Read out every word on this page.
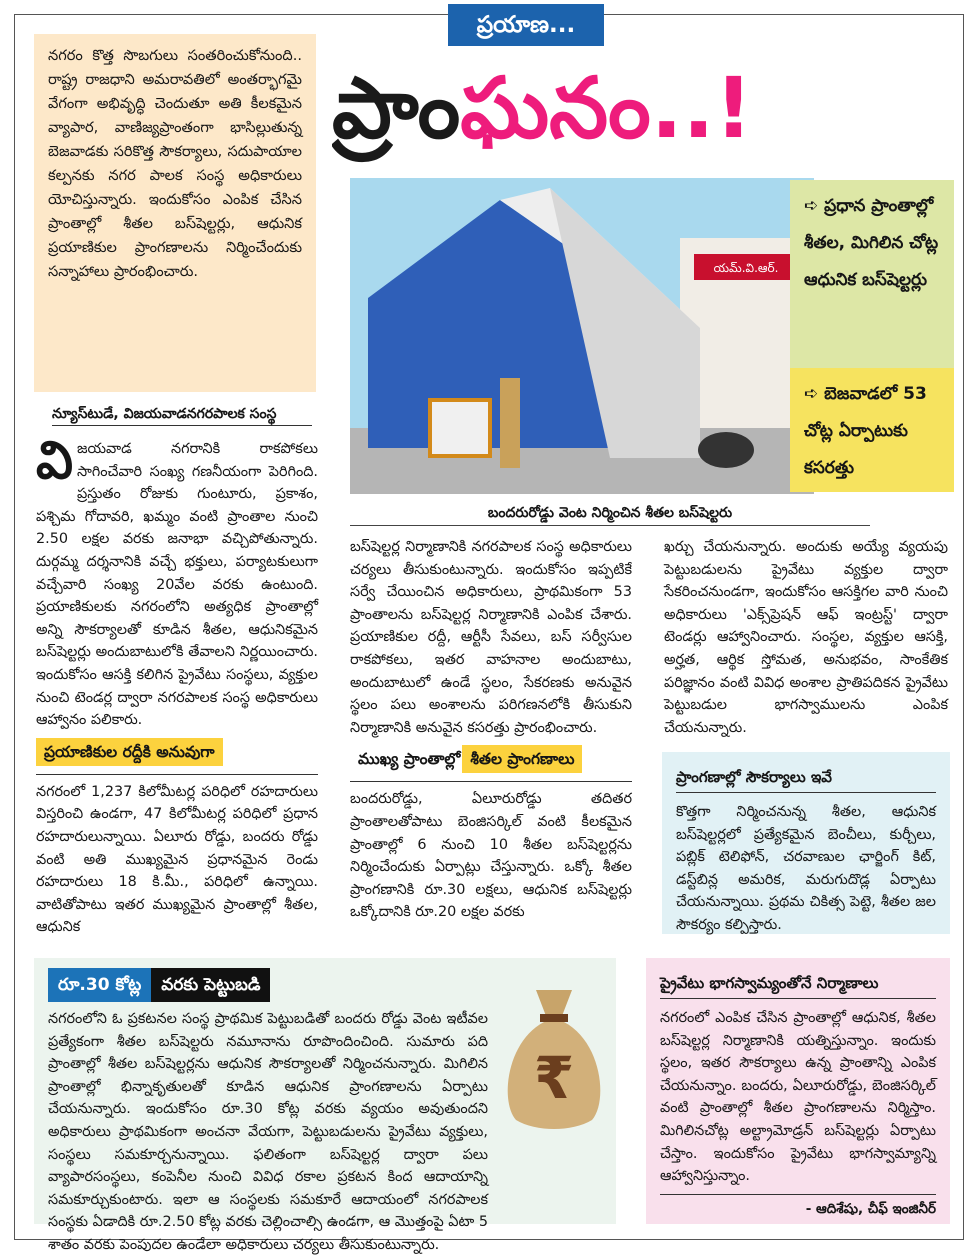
ప్రయాణ...
ప్రాంఘనం..!

నగరం కొత్త సొబగులు సంతరించుకోనుంది.. రాష్ట్ర రాజధాని అమరావతిలో అంతర్భాగమై వేగంగా అభివృద్ధి చెందుతూ అతి కీలకమైన వ్యాపార, వాణిజ్యప్రాంతంగా భాసిల్లుతున్న బెజవాడకు సరికొత్త సౌకర్యాలు, సదుపాయాల కల్పనకు నగర పాలక సంస్థ అధికారులు యోచిస్తున్నారు. ఇందుకోసం ఎంపిక చేసిన ప్రాంతాల్లో శీతల బస్‌షెల్టర్లు, ఆధునిక ప్రయాణికుల ప్రాంగణాలను నిర్మించేందుకు సన్నాహాలు ప్రారంభించారు.	యమ్.వి.ఆర్.
బందరురోడ్డు వెంట నిర్మించిన శీతల బస్‌షెల్టరు

➪ ప్రధాన ప్రాంతాల్లో శీతల, మిగిలిన చోట్ల ఆధునిక బస్‌షెల్టర్లు

➪ బెజవాడలో 53 చోట్ల ఏర్పాటుకు కసరత్తు

న్యూస్‌టుడే, విజయవాడనగరపాలక సంస్థ

విజయవాడ నగరానికి రాకపోకలు సాగించేవారి సంఖ్య గణనీయంగా పెరిగింది. ప్రస్తుతం రోజుకు గుంటూరు, ప్రకాశం, పశ్చిమ గోదావరి, ఖమ్మం వంటి ప్రాంతాల నుంచి 2.50 లక్షల వరకు జనాభా వచ్చిపోతున్నారు. దుర్గమ్మ దర్శనానికి వచ్చే భక్తులు, పర్యాటకులుగా వచ్చేవారి సంఖ్య 20వేల వరకు ఉంటుంది. ప్రయాణికులకు నగరంలోని అత్యధిక ప్రాంతాల్లో అన్ని సౌకర్యాలతో కూడిన శీతల, ఆధునికమైన బస్‌షెల్టర్లు అందుబాటులోకి తేవాలని నిర్ణయించారు. ఇందుకోసం ఆసక్తి కలిగిన ప్రైవేటు సంస్థలు, వ్యక్తుల నుంచి టెండర్ల ద్వారా నగరపాలక సంస్థ అధికారులు ఆహ్వానం పలికారు.

ప్రయాణికుల రద్దీకి అనువుగా

నగరంలో 1,237 కిలోమీటర్ల పరిధిలో రహదారులు విస్తరించి ఉండగా, 47 కిలోమీటర్ల పరిధిలో ప్రధాన రహదారులున్నాయి. ఏలూరు రోడ్డు, బందరు రోడ్డు వంటి అతి ముఖ్యమైన ప్రధానమైన రెండు రహదారులు 18 కి.మీ., పరిధిలో ఉన్నాయి. వాటితోపాటు ఇతర ముఖ్యమైన ప్రాంతాల్లో శీతల, ఆధునిక

బస్‌షెల్టర్ల నిర్మాణానికి నగరపాలక సంస్థ అధికారులు చర్యలు తీసుకుంటున్నారు. ఇందుకోసం ఇప్పటికే సర్వే చేయించిన అధికారులు, ప్రాథమికంగా 53 ప్రాంతాలను బస్‌షెల్టర్ల నిర్మాణానికి ఎంపిక చేశారు. ప్రయాణికుల రద్దీ, ఆర్టీసీ సేవలు, బస్ సర్వీసుల రాకపోకలు, ఇతర వాహనాల అందుబాటు, అందుబాటులో ఉండే స్థలం, సేకరణకు అనువైన స్థలం పలు అంశాలను పరిగణనలోకి తీసుకుని నిర్మాణానికి అనువైన కసరత్తు ప్రారంభించారు.

ముఖ్య ప్రాంతాల్లో శీతల ప్రాంగణాలు

బందరురోడ్డు, ఏలూరురోడ్డు తదితర ప్రాంతాలతోపాటు బెంజిసర్కిల్ వంటి కీలకమైన ప్రాంతాల్లో 6 నుంచి 10 శీతల బస్‌షెల్టర్లను నిర్మించేందుకు ఏర్పాట్లు చేస్తున్నారు. ఒక్కో శీతల ప్రాంగణానికి రూ.30 లక్షలు, ఆధునిక బస్‌షెల్టర్లు ఒక్కోదానికి రూ.20 లక్షల వరకు

ఖర్చు చేయనున్నారు. అందుకు అయ్యే వ్యయపు పెట్టుబడులను ప్రైవేటు వ్యక్తుల ద్వారా సేకరించనుండగా, ఇందుకోసం ఆసక్తిగల వారి నుంచి అధికారులు 'ఎక్స్‌ప్రెషన్ ఆఫ్ ఇంట్రస్ట్' ద్వారా టెండర్లు ఆహ్వానించారు. సంస్థల, వ్యక్తుల ఆసక్తి, అర్హత, ఆర్థిక స్తోమత, అనుభవం, సాంకేతిక పరిజ్ఞానం వంటి వివిధ అంశాల ప్రాతిపదికన ప్రైవేటు పెట్టుబడుల భాగస్వాములను ఎంపిక చేయనున్నారు.

ప్రాంగణాల్లో సౌకర్యాలు ఇవే

కొత్తగా నిర్మించనున్న శీతల, ఆధునిక బస్‌షెల్టర్లలో ప్రత్యేకమైన బెంచీలు, కుర్చీలు, పబ్లిక్ టెలిఫోన్, చరవాణుల ఛార్జింగ్ కిట్, డస్ట్‌బిన్ల అమరిక, మరుగుదొడ్ల ఏర్పాటు చేయనున్నాయి. ప్రథమ చికిత్స పెట్టె, శీతల జల సౌకర్యం కల్పిస్తారు.

రూ.30 కోట్ల	వరకు పెట్టుబడి

నగరంలోని ఓ ప్రకటనల సంస్థ ప్రాథమిక పెట్టుబడితో బందరు రోడ్డు వెంట ఇటీవల ప్రత్యేకంగా శీతల బస్‌షెల్టరు నమూనాను రూపొందించింది. సుమారు పది ప్రాంతాల్లో శీతల బస్‌షెల్టర్లను ఆధునిక సౌకర్యాలతో నిర్మించనున్నారు. మిగిలిన ప్రాంతాల్లో భిన్నాకృతులతో కూడిన ఆధునిక ప్రాంగణాలను ఏర్పాటు చేయనున్నారు. ఇందుకోసం రూ.30 కోట్ల వరకు వ్యయం అవుతుందని అధికారులు ప్రాథమికంగా అంచనా వేయగా, పెట్టుబడులను ప్రైవేటు వ్యక్తులు, సంస్థలు సమకూర్చనున్నాయి. ఫలితంగా బస్‌షెల్టర్ల ద్వారా పలు వ్యాపారసంస్థలు, కంపెనీల నుంచి వివిధ రకాల ప్రకటన కింద ఆదాయాన్ని సమకూర్చుకుంటారు. ఇలా ఆ సంస్థలకు సమకూరే ఆదాయంలో నగరపాలక సంస్థకు ఏడాదికి రూ.2.50 కోట్ల వరకు చెల్లించాల్సి ఉండగా, ఆ మొత్తంపై ఏటా 5 శాతం వరకు పెంపుదల ఉండేలా అధికారులు చర్యలు తీసుకుంటున్నారు.

₹
ప్రైవేటు భాగస్వామ్యంతోనే నిర్మాణాలు

నగరంలో ఎంపిక చేసిన ప్రాంతాల్లో ఆధునిక, శీతల బస్‌షెల్టర్ల నిర్మాణానికి యత్నిస్తున్నాం. ఇందుకు స్థలం, ఇతర సౌకర్యాలు ఉన్న ప్రాంతాన్ని ఎంపిక చేయనున్నాం. బందరు, ఏలూరురోడ్డు, బెంజిసర్కిల్ వంటి ప్రాంతాల్లో శీతల ప్రాంగణాలను నిర్మిస్తాం. మిగిలినచోట్ల అల్ట్రామోడ్రన్ బస్‌షెల్టర్లు ఏర్పాటు చేస్తాం. ఇందుకోసం ప్రైవేటు భాగస్వామ్యాన్ని ఆహ్వానిస్తున్నాం.

- ఆదిశేషు, చీఫ్ ఇంజినీర్
